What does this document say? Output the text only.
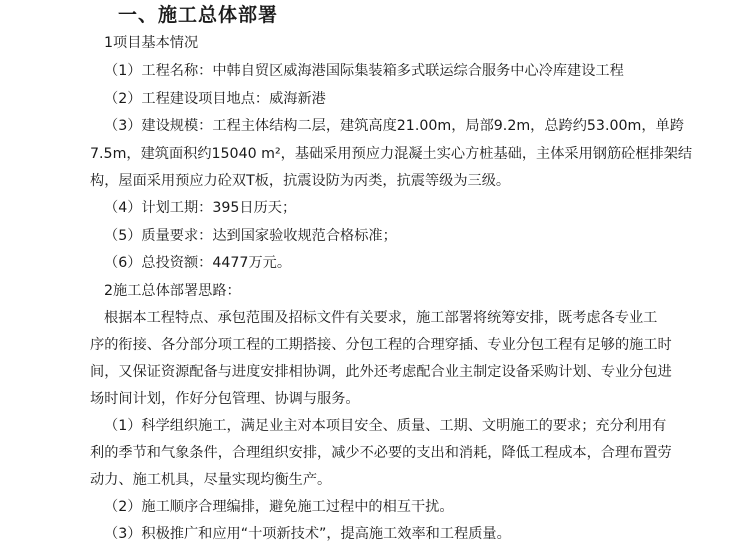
一、施工总体部署
1项目基本情况
（1）工程名称：中韩自贸区威海港国际集装箱多式联运综合服务中心冷库建设工程
（2）工程建设项目地点：威海新港
（3）建设规模：工程主体结构二层，建筑高度21.00m，局部9.2m，总跨约53.00m，单跨
7.5m，建筑面积约15040 m²，基础采用预应力混凝土实心方桩基础，主体采用钢筋砼框排架结
构，屋面采用预应力砼双T板，抗震设防为丙类，抗震等级为三级。
（4）计划工期：395日历天；
（5）质量要求：达到国家验收规范合格标准；
（6）总投资额：4477万元。
2施工总体部署思路：
根据本工程特点、承包范围及招标文件有关要求，施工部署将统筹安排，既考虑各专业工
序的衔接、各分部分项工程的工期搭接、分包工程的合理穿插、专业分包工程有足够的施工时
间，又保证资源配备与进度安排相协调，此外还考虑配合业主制定设备采购计划、专业分包进
场时间计划，作好分包管理、协调与服务。
（1）科学组织施工，满足业主对本项目安全、质量、工期、文明施工的要求；充分利用有
利的季节和气象条件，合理组织安排，减少不必要的支出和消耗，降低工程成本，合理布置劳
动力、施工机具，尽量实现均衡生产。
（2）施工顺序合理编排，避免施工过程中的相互干扰。
（3）积极推广和应用“十项新技术”，提高施工效率和工程质量。
